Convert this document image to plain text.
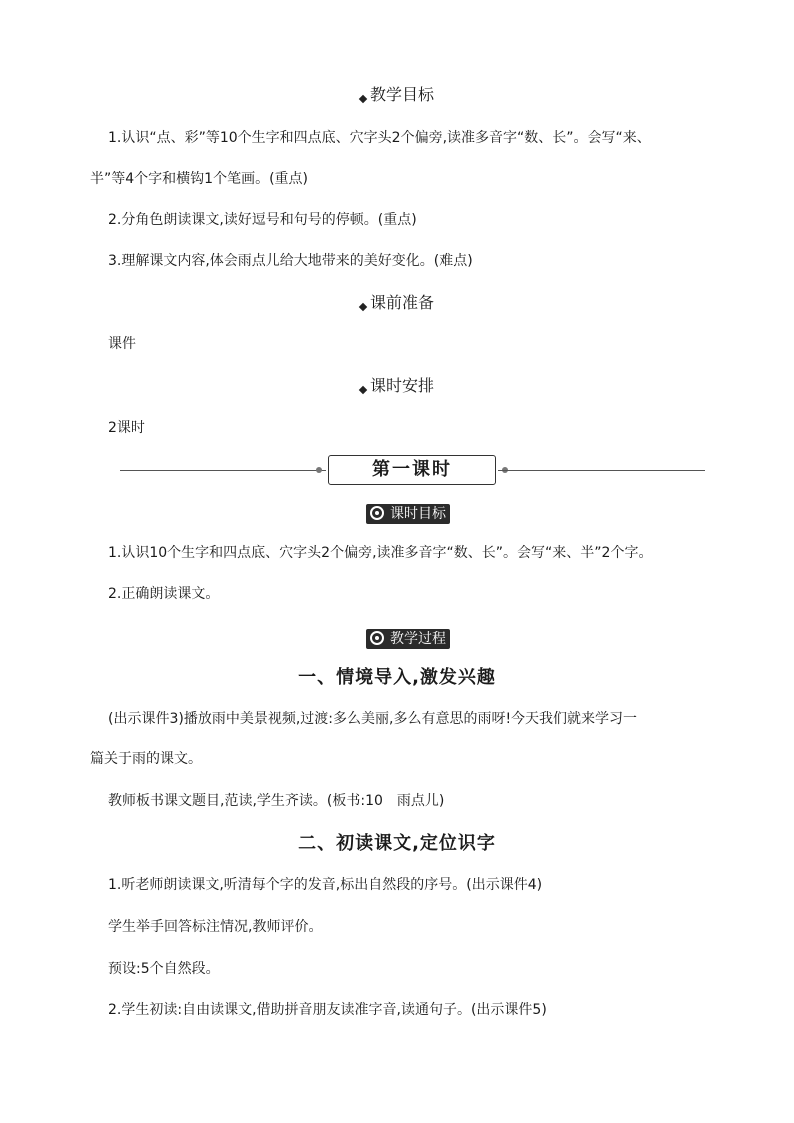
教学目标
1.认识“点、彩”等10个生字和四点底、穴字头2个偏旁,读准多音字“数、长”。会写“来、
半”等4个字和横钩1个笔画。(重点)
2.分角色朗读课文,读好逗号和句号的停顿。(重点)
3.理解课文内容,体会雨点儿给大地带来的美好变化。(难点)
课前准备
课件
课时安排
2课时
第一课时
课时目标
1.认识10个生字和四点底、穴字头2个偏旁,读准多音字“数、长”。会写“来、半”2个字。
2.正确朗读课文。
教学过程
一、情境导入,激发兴趣
(出示课件3)播放雨中美景视频,过渡:多么美丽,多么有意思的雨呀!今天我们就来学习一
篇关于雨的课文。
教师板书课文题目,范读,学生齐读。(板书:10　雨点儿)
二、初读课文,定位识字
1.听老师朗读课文,听清每个字的发音,标出自然段的序号。(出示课件4)
学生举手回答标注情况,教师评价。
预设:5个自然段。
2.学生初读:自由读课文,借助拼音朋友读准字音,读通句子。(出示课件5)
